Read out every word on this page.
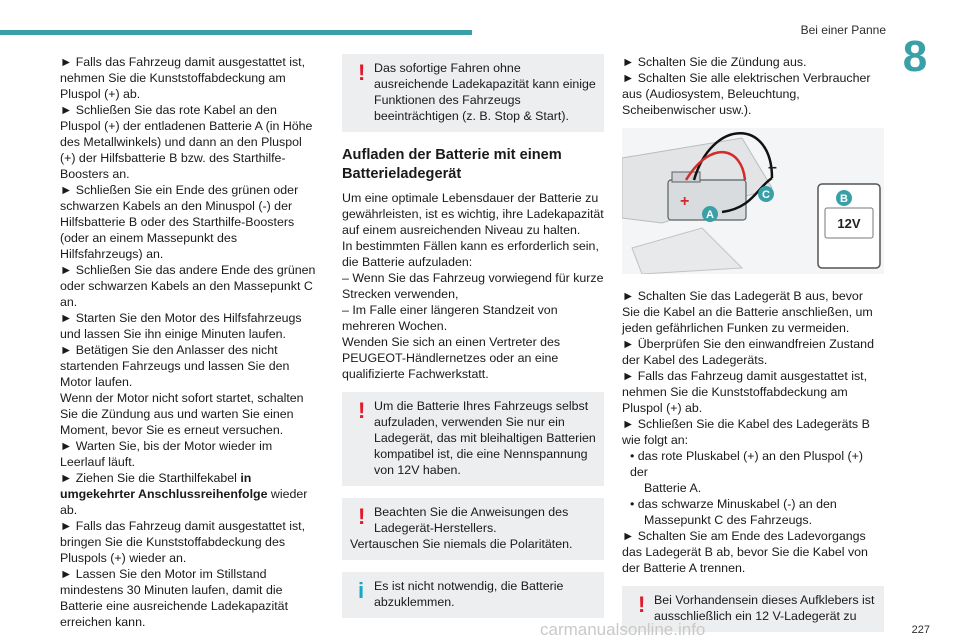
Bei einer Panne
8

► Falls das Fahrzeug damit ausgestattet ist, nehmen Sie die Kunststoffabdeckung am Pluspol (+) ab.

► Schließen Sie das rote Kabel an den Pluspol (+) der entladenen Batterie A (in Höhe des Metallwinkels) und dann an den Pluspol (+) der Hilfsbatterie B bzw. des Starthilfe-Boosters an.

► Schließen Sie ein Ende des grünen oder schwarzen Kabels an den Minuspol (-) der Hilfsbatterie B oder des Starthilfe-Boosters (oder an einem Massepunkt des Hilfsfahrzeugs) an.

► Schließen Sie das andere Ende des grünen oder schwarzen Kabels an den Massepunkt C an.

► Starten Sie den Motor des Hilfsfahrzeugs und lassen Sie ihn einige Minuten laufen.

► Betätigen Sie den Anlasser des nicht startenden Fahrzeugs und lassen Sie den Motor laufen.

Wenn der Motor nicht sofort startet, schalten Sie die Zündung aus und warten Sie einen Moment, bevor Sie es erneut versuchen.

► Warten Sie, bis der Motor wieder im Leerlauf läuft.

► Ziehen Sie die Starthilfekabel in umgekehrter Anschlussreihenfolge wieder ab.

► Falls das Fahrzeug damit ausgestattet ist, bringen Sie die Kunststoffabdeckung des Pluspols (+) wieder an.

► Lassen Sie den Motor im Stillstand mindestens 30 Minuten laufen, damit die Batterie eine ausreichende Ladekapazität erreichen kann.

! Das sofortige Fahren ohne ausreichende Ladekapazität kann einige Funktionen des Fahrzeugs beeinträchtigen (z. B. Stop & Start).

Aufladen der Batterie mit einem Batterieladegerät

Um eine optimale Lebensdauer der Batterie zu gewährleisten, ist es wichtig, ihre Ladekapazität auf einem ausreichenden Niveau zu halten.

In bestimmten Fällen kann es erforderlich sein, die Batterie aufzuladen:

– Wenn Sie das Fahrzeug vorwiegend für kurze Strecken verwenden,

– Im Falle einer längeren Standzeit von mehreren Wochen.

Wenden Sie sich an einen Vertreter des PEUGEOT-Händlernetzes oder an eine qualifizierte Fachwerkstatt.

! Um die Batterie Ihres Fahrzeugs selbst aufzuladen, verwenden Sie nur ein Ladegerät, das mit bleihaltigen Batterien kompatibel ist, die eine Nennspannung von 12V haben.

! Beachten Sie die Anweisungen des Ladegerät-Herstellers.

Vertauschen Sie niemals die Polaritäten.

i Es ist nicht notwendig, die Batterie abzuklemmen.

► Schalten Sie die Zündung aus.

► Schalten Sie alle elektrischen Verbraucher aus (Audiosystem, Beleuchtung, Scheibenwischer usw.).

12V
+
–
A
B
C

► Schalten Sie das Ladegerät B aus, bevor Sie die Kabel an die Batterie anschließen, um jeden gefährlichen Funken zu vermeiden.

► Überprüfen Sie den einwandfreien Zustand der Kabel des Ladegeräts.

► Falls das Fahrzeug damit ausgestattet ist, nehmen Sie die Kunststoffabdeckung am Pluspol (+) ab.

► Schließen Sie die Kabel des Ladegeräts B wie folgt an:

• das rote Pluskabel (+) an den Pluspol (+) der

Batterie A.

• das schwarze Minuskabel (-) an den

Massepunkt C des Fahrzeugs.

► Schalten Sie am Ende des Ladevorgangs das Ladegerät B ab, bevor Sie die Kabel von der Batterie A trennen.

! Bei Vorhandensein dieses Aufklebers ist ausschließlich ein 12 V-Ladegerät zu

carmanualsonline.info	227
